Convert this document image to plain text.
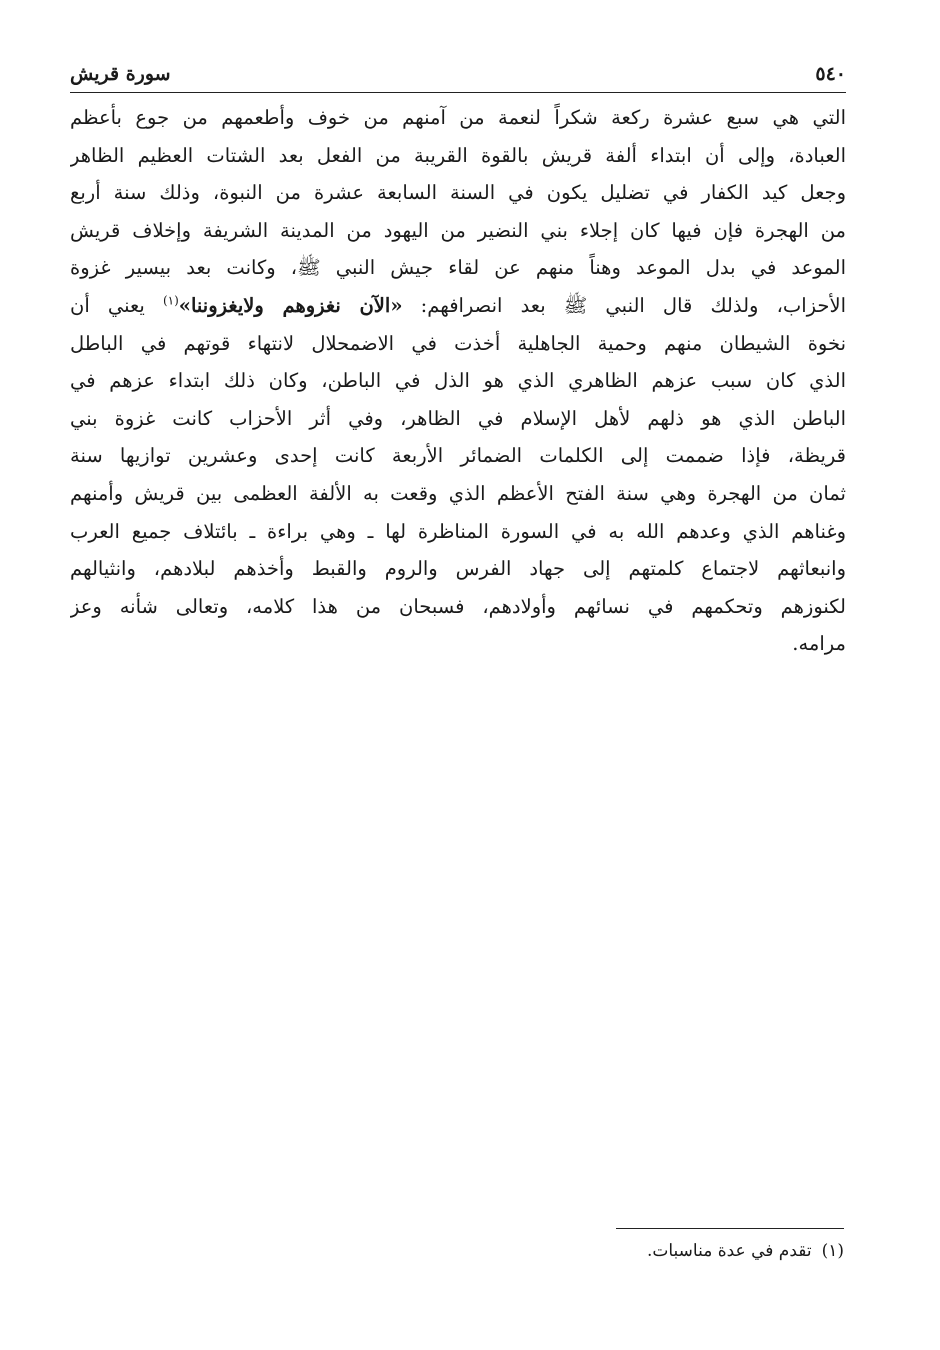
٥٤٠
سورة قريش
التي هي سبع عشرة ركعة شكراً لنعمة من آمنهم من خوف وأطعمهم من جوع بأعظم
العبادة، وإلى أن ابتداء ألفة قريش بالقوة القريبة من الفعل بعد الشتات العظيم الظاهر
وجعل كيد الكفار في تضليل يكون في السنة السابعة عشرة من النبوة، وذلك سنة أربع
من الهجرة فإن فيها كان إجلاء بني النضير من اليهود من المدينة الشريفة وإخلاف قريش
الموعد في بدل الموعد وهناً منهم عن لقاء جيش النبي ﷺ، وكانت بعد بيسير غزوة
الأحزاب، ولذلك قال النبي ﷺ بعد انصرافهم: «الآن نغزوهم ولايغزوننا»$^{(١)}$ يعني أن
نخوة الشيطان منهم وحمية الجاهلية أخذت في الاضمحلال لانتهاء قوتهم في الباطل
الذي كان سبب عزهم الظاهري الذي هو الذل في الباطن، وكان ذلك ابتداء عزهم في
الباطن الذي هو ذلهم لأهل الإسلام في الظاهر، وفي أثر الأحزاب كانت غزوة بني
قريظة، فإذا ضممت إلى الكلمات الضمائر الأربعة كانت إحدى وعشرين توازيها سنة
ثمان من الهجرة وهي سنة الفتح الأعظم الذي وقعت به الألفة العظمى بين قريش وأمنهم
وغناهم الذي وعدهم الله به في السورة المناظرة لها ـ وهي براءة ـ بائتلاف جميع العرب
وانبعاثهم لاجتماع كلمتهم إلى جهاد الفرس والروم والقبط وأخذهم لبلادهم، وانثيالهم
لكنوزهم وتحكمهم في نسائهم وأولادهم، فسبحان من هذا كلامه، وتعالى شأنه وعز
مرامه.
(١)تقدم في عدة مناسبات.
